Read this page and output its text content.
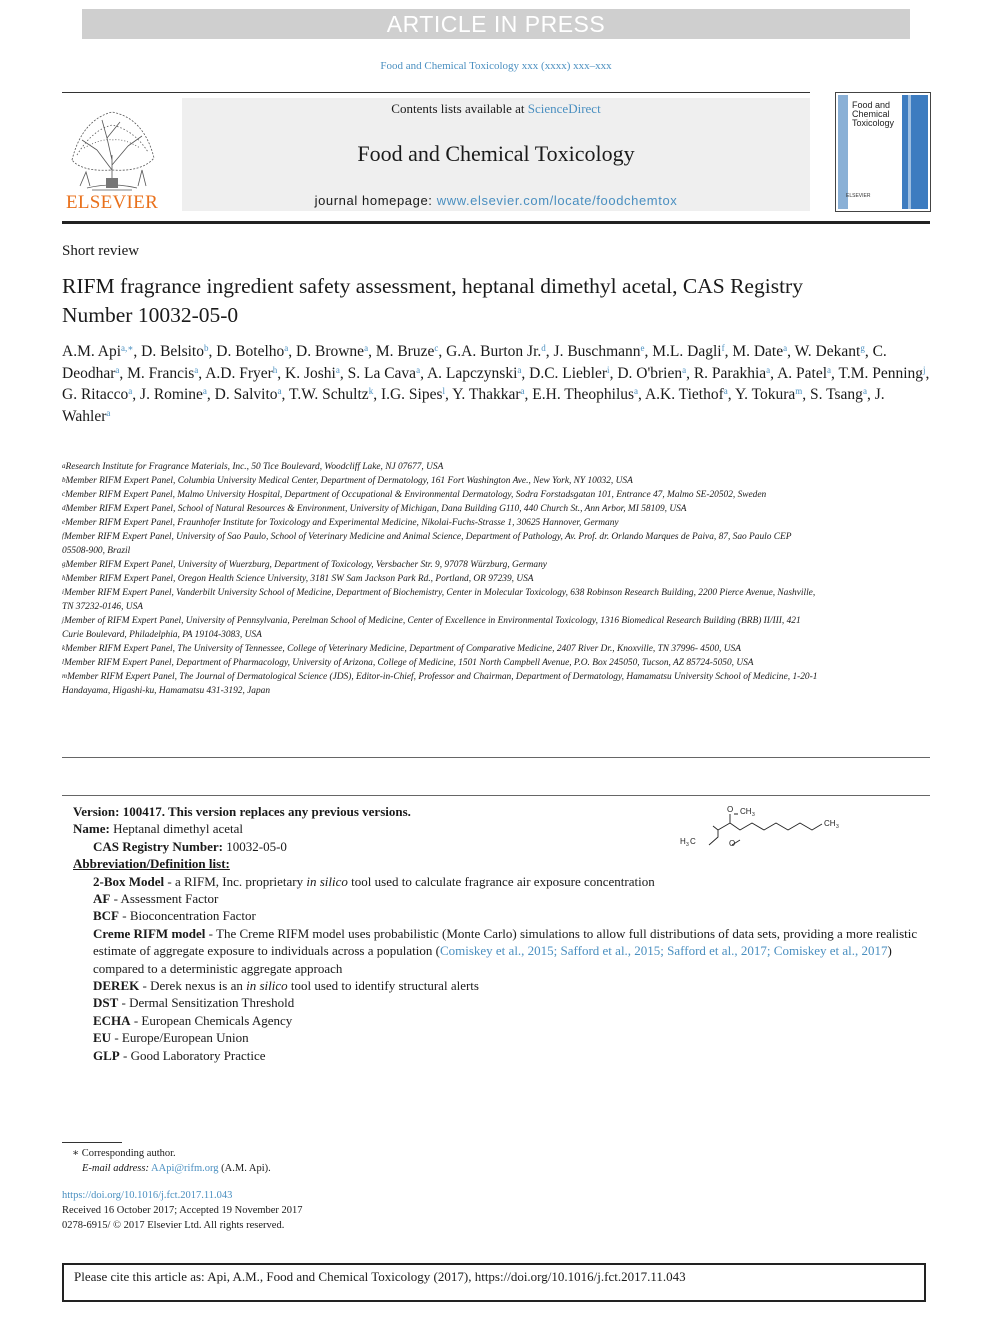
ARTICLE IN PRESS
Food and Chemical Toxicology xxx (xxxx) xxx–xxx
ELSEVIER
Contents lists available at ScienceDirect
Food and Chemical Toxicology
journal homepage: www.elsevier.com/locate/foodchemtox
Food and
Chemical
Toxicology
ELSEVIER
Short review
RIFM fragrance ingredient safety assessment, heptanal dimethyl acetal, CAS Registry Number 10032-05-0
A.M. Api$^{a,∗}$, D. Belsito$^b$, D. Botelho$^a$, D. Browne$^a$, M. Bruze$^c$, G.A. Burton Jr.$^d$, J. Buschmann$^e$, M.L. Dagli$^f$, M. Date$^a$, W. Dekant$^g$, C. Deodhar$^a$, M. Francis$^a$, A.D. Fryer$^h$, K. Joshi$^a$, S. La Cava$^a$, A. Lapczynski$^a$, D.C. Liebler$^i$, D. O'brien$^a$, R. Parakhia$^a$, A. Patel$^a$, T.M. Penning$^j$, G. Ritacco$^a$, J. Romine$^a$, D. Salvito$^a$, T.W. Schultz$^k$, I.G. Sipes$^l$, Y. Thakkar$^a$, E.H. Theophilus$^a$, A.K. Tiethof$^a$, Y. Tokura$^m$, S. Tsang$^a$, J. Wahler$^a$
$^a$Research Institute for Fragrance Materials, Inc., 50 Tice Boulevard, Woodcliff Lake, NJ 07677, USA
$^b$Member RIFM Expert Panel, Columbia University Medical Center, Department of Dermatology, 161 Fort Washington Ave., New York, NY 10032, USA
$^c$Member RIFM Expert Panel, Malmo University Hospital, Department of Occupational & Environmental Dermatology, Sodra Forstadsgatan 101, Entrance 47, Malmo SE-20502, Sweden
$^d$Member RIFM Expert Panel, School of Natural Resources & Environment, University of Michigan, Dana Building G110, 440 Church St., Ann Arbor, MI 58109, USA
$^e$Member RIFM Expert Panel, Fraunhofer Institute for Toxicology and Experimental Medicine, Nikolai-Fuchs-Strasse 1, 30625 Hannover, Germany
$^f$Member RIFM Expert Panel, University of Sao Paulo, School of Veterinary Medicine and Animal Science, Department of Pathology, Av. Prof. dr. Orlando Marques de Paiva, 87, Sao Paulo CEP 05508-900, Brazil
$^g$Member RIFM Expert Panel, University of Wuerzburg, Department of Toxicology, Versbacher Str. 9, 97078 Würzburg, Germany
$^h$Member RIFM Expert Panel, Oregon Health Science University, 3181 SW Sam Jackson Park Rd., Portland, OR 97239, USA
$^i$Member RIFM Expert Panel, Vanderbilt University School of Medicine, Department of Biochemistry, Center in Molecular Toxicology, 638 Robinson Research Building, 2200 Pierce Avenue, Nashville, TN 37232-0146, USA
$^j$Member of RIFM Expert Panel, University of Pennsylvania, Perelman School of Medicine, Center of Excellence in Environmental Toxicology, 1316 Biomedical Research Building (BRB) II/III, 421 Curie Boulevard, Philadelphia, PA 19104-3083, USA
$^k$Member RIFM Expert Panel, The University of Tennessee, College of Veterinary Medicine, Department of Comparative Medicine, 2407 River Dr., Knoxville, TN 37996- 4500, USA
$^l$Member RIFM Expert Panel, Department of Pharmacology, University of Arizona, College of Medicine, 1501 North Campbell Avenue, P.O. Box 245050, Tucson, AZ 85724-5050, USA
$^m$Member RIFM Expert Panel, The Journal of Dermatological Science (JDS), Editor-in-Chief, Professor and Chairman, Department of Dermatology, Hamamatsu University School of Medicine, 1-20-1 Handayama, Higashi-ku, Hamamatsu 431-3192, Japan
O
O CH 3
H 3 C
CH 3
Version: 100417. This version replaces any previous versions.
Name: Heptanal dimethyl acetal
CAS Registry Number: 10032-05-0
Abbreviation/Definition list:
2-Box Model - a RIFM, Inc. proprietary in silico tool used to calculate fragrance air exposure concentration
AF - Assessment Factor
BCF - Bioconcentration Factor
Creme RIFM model - The Creme RIFM model uses probabilistic (Monte Carlo) simulations to allow full distributions of data sets, providing a more realistic estimate of aggregate exposure to individuals across a population (Comiskey et al., 2015; Safford et al., 2015; Safford et al., 2017; Comiskey et al., 2017) compared to a deterministic aggregate approach
DEREK - Derek nexus is an in silico tool used to identify structural alerts
DST - Dermal Sensitization Threshold
ECHA - European Chemicals Agency
EU - Europe/European Union
GLP - Good Laboratory Practice
∗ Corresponding author.
E-mail address: AApi@rifm.org (A.M. Api).
https://doi.org/10.1016/j.fct.2017.11.043
Received 16 October 2017; Accepted 19 November 2017
0278-6915/ © 2017 Elsevier Ltd. All rights reserved.
Please cite this article as: Api, A.M., Food and Chemical Toxicology (2017), https://doi.org/10.1016/j.fct.2017.11.043
